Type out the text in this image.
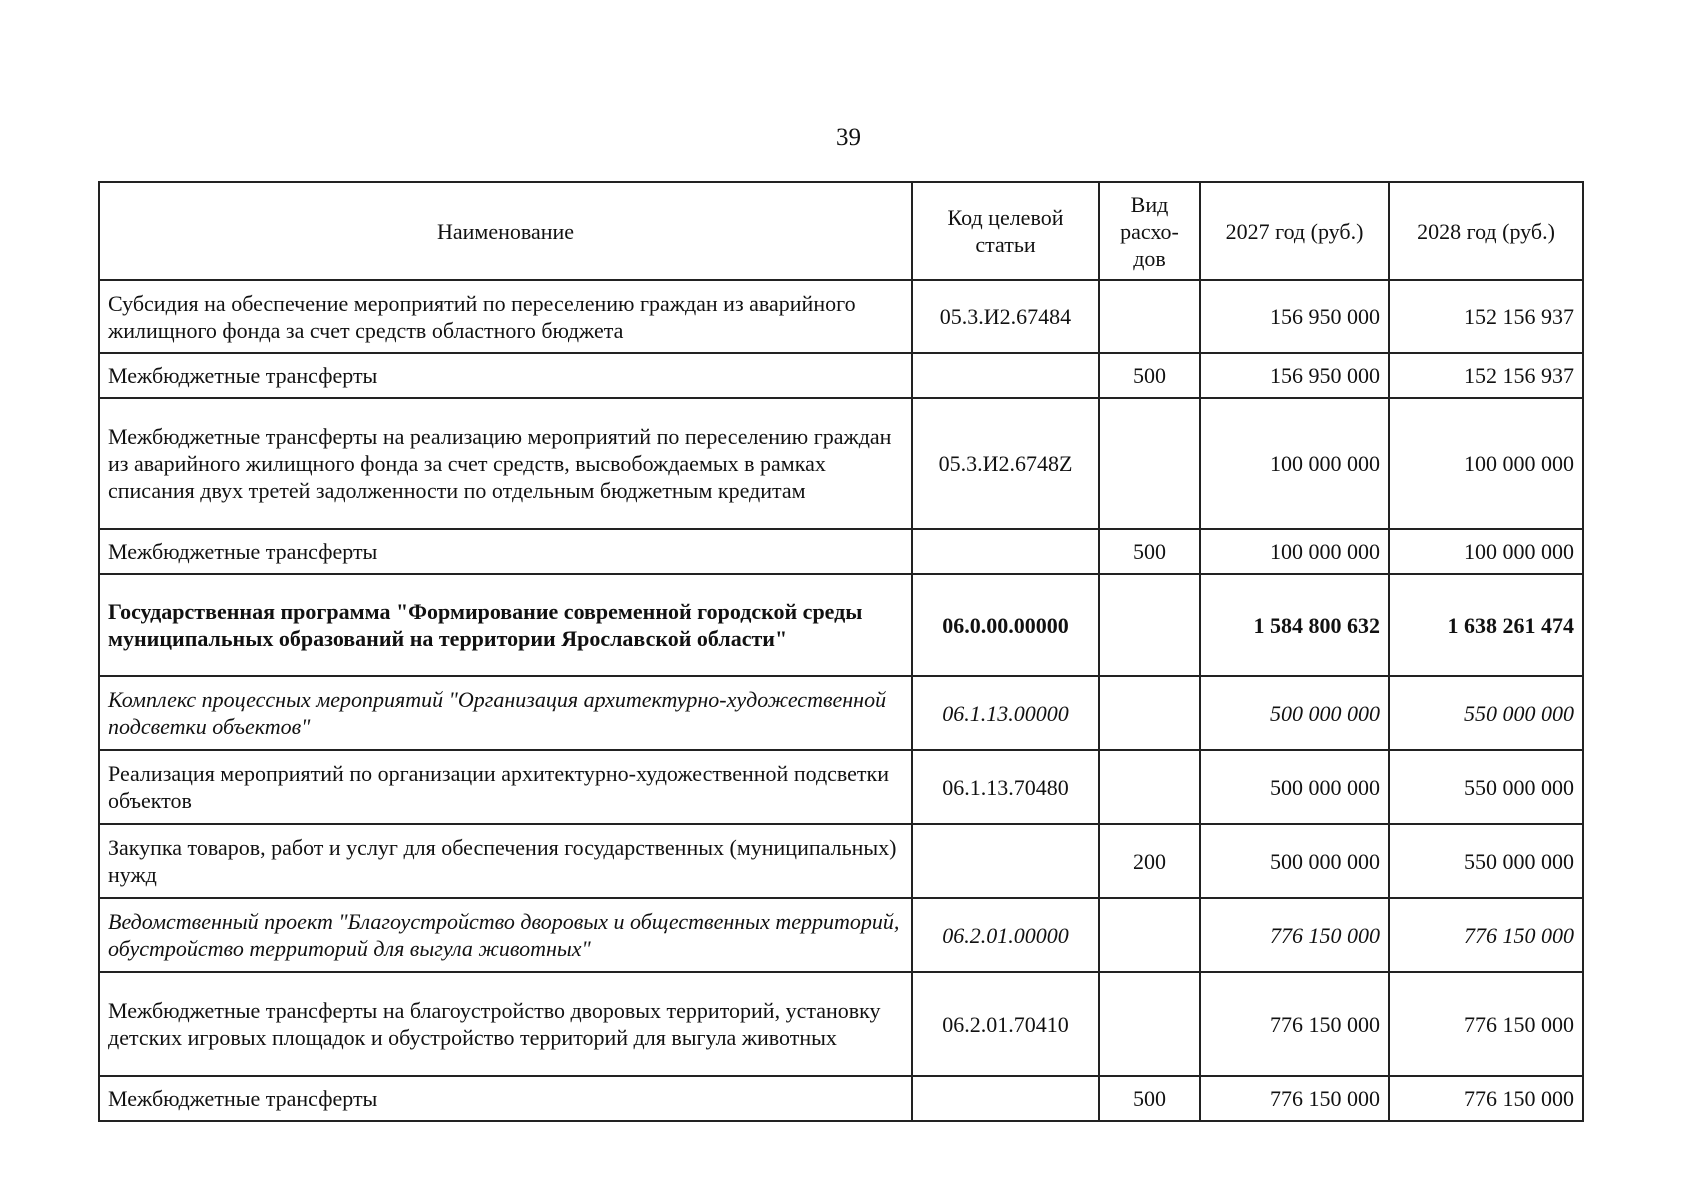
39
Наименование	Код целевой статьи	Вид расхо-дов	2027 год (руб.)	2028 год (руб.)
Субсидия на обеспечение мероприятий по переселению граждан из аварийного жилищного фонда за счет средств областного бюджета	05.3.И2.67484		156 950 000	152 156 937
Межбюджетные трансферты		500	156 950 000	152 156 937
Межбюджетные трансферты на реализацию мероприятий по переселению граждан из аварийного жилищного фонда за счет средств, высвобождаемых в рамках списания двух третей задолженности по отдельным бюджетным кредитам	05.3.И2.6748Z		100 000 000	100 000 000
Межбюджетные трансферты		500	100 000 000	100 000 000
Государственная программа "Формирование современной городской среды муниципальных образований на территории Ярославской области"	06.0.00.00000		1 584 800 632	1 638 261 474
Комплекс процессных мероприятий "Организация архитектурно-художественной подсветки объектов"	06.1.13.00000		500 000 000	550 000 000
Реализация мероприятий по организации архитектурно-художественной подсветки объектов	06.1.13.70480		500 000 000	550 000 000
Закупка товаров, работ и услуг для обеспечения государственных (муниципальных) нужд		200	500 000 000	550 000 000
Ведомственный проект "Благоустройство дворовых и общественных территорий, обустройство территорий для выгула животных"	06.2.01.00000		776 150 000	776 150 000
Межбюджетные трансферты на благоустройство дворовых территорий, установку детских игровых площадок и обустройство территорий для выгула животных	06.2.01.70410		776 150 000	776 150 000
Межбюджетные трансферты		500	776 150 000	776 150 000
